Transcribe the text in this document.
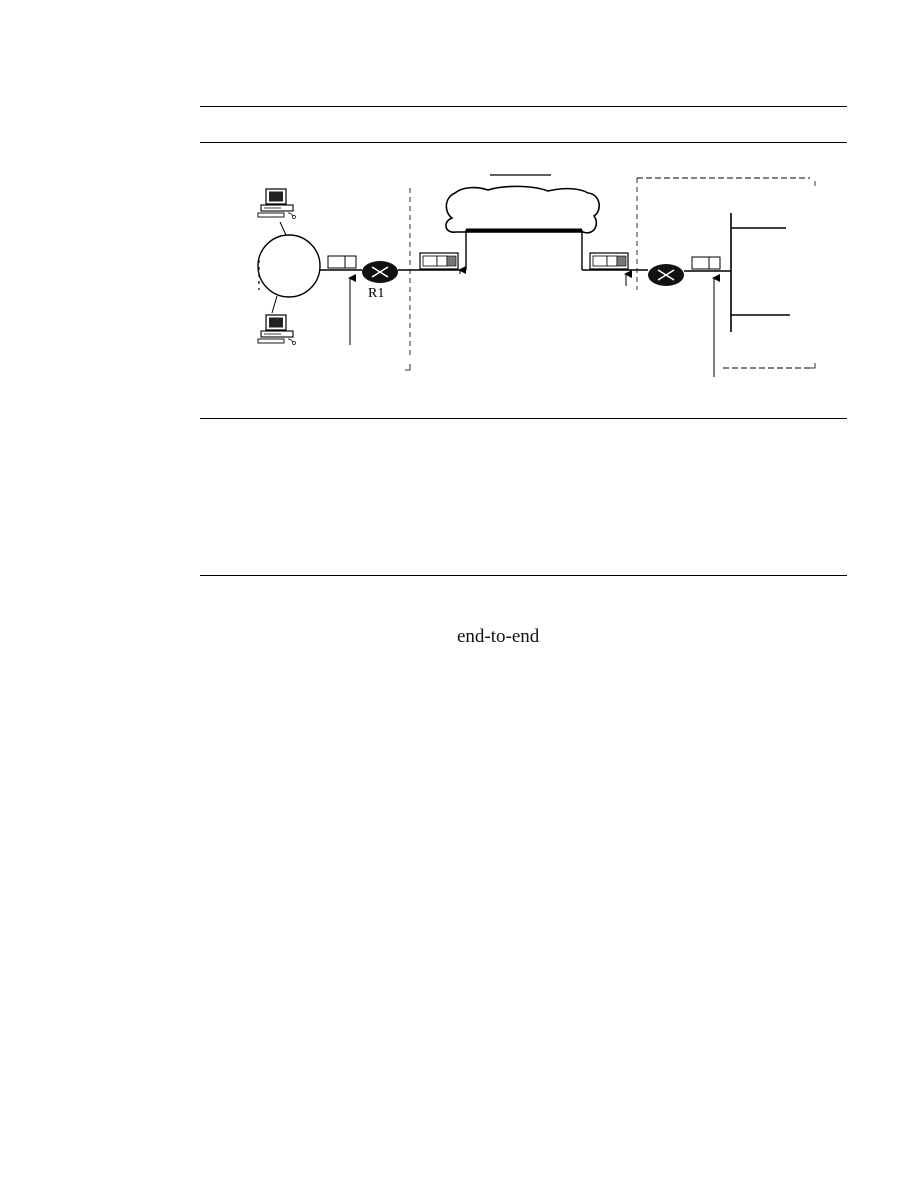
R1
end-to-end
